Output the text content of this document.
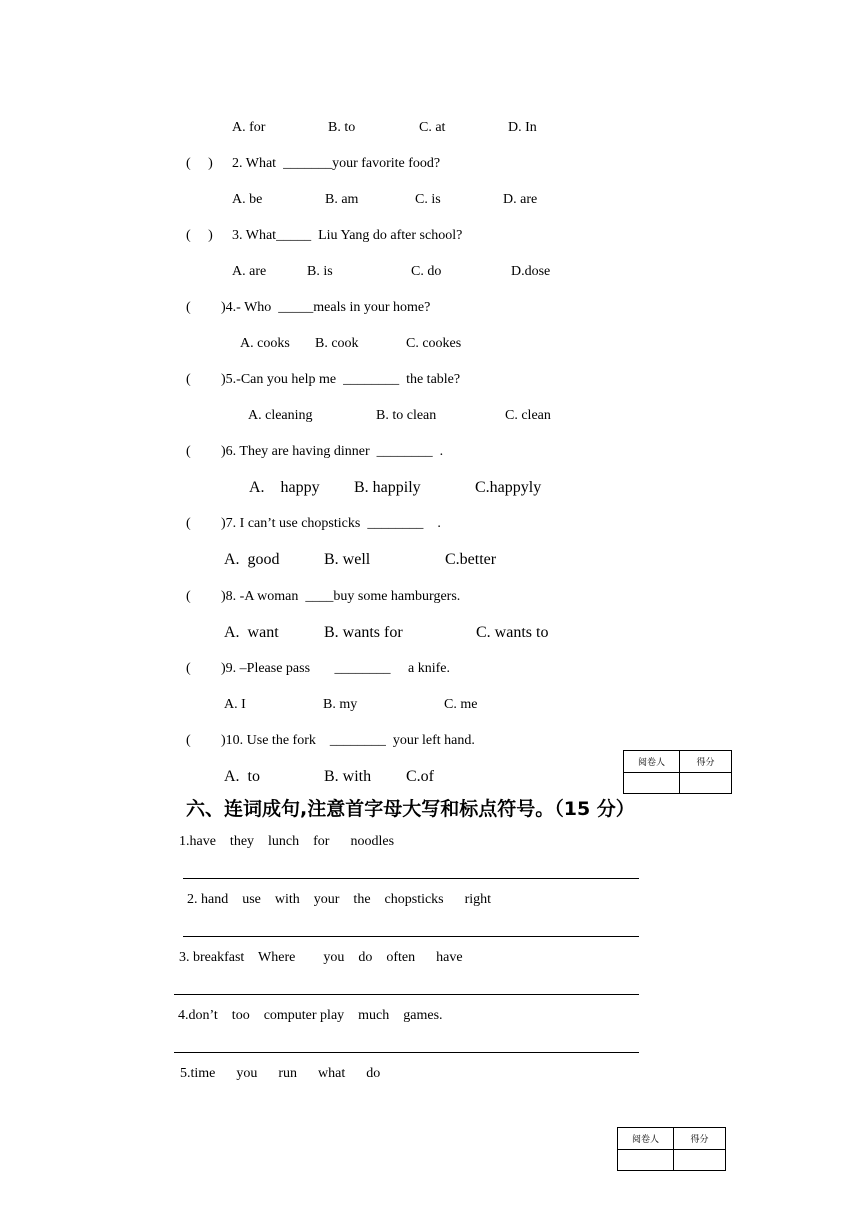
A. for	B. to	C. at	D. In
(     ) 2. What  _______your favorite food?
A. be	B. am	C. is	D. are
(     ) 3. What_____  Liu Yang do after school?
A. are	B. is	C. do	D.dose
( )4.- Who  _____meals in your home?
A. cooks B. cook	C. cookes
( )5.-Can you help me  ________  the table?
A. cleaning	B. to clean	C. clean
( )6. They are having dinner  ________  .
A.    happy B. happily	C.happyly
( )7. I can’t use chopsticks  ________    .
A.  good	B. well	C.better
( )8. -A woman  ____buy some hamburgers.
A.  want	B. wants for	C. wants to
( )9. –Please pass       ________     a knife.
A. I	B. my	C. me
( )10. Use the fork    ________  your left hand.
A.  to	B. with C.of
阅卷人	得分

六、连词成句,注意首字母大写和标点符号。（15 分）
1.have    they    lunch    for      noodles
2. hand    use    with    your    the    chopsticks      right
3. breakfast    Where        you    do    often      have
4.don’t    too    computer play    much    games.
5.time      you      run      what      do
阅卷人	得分
